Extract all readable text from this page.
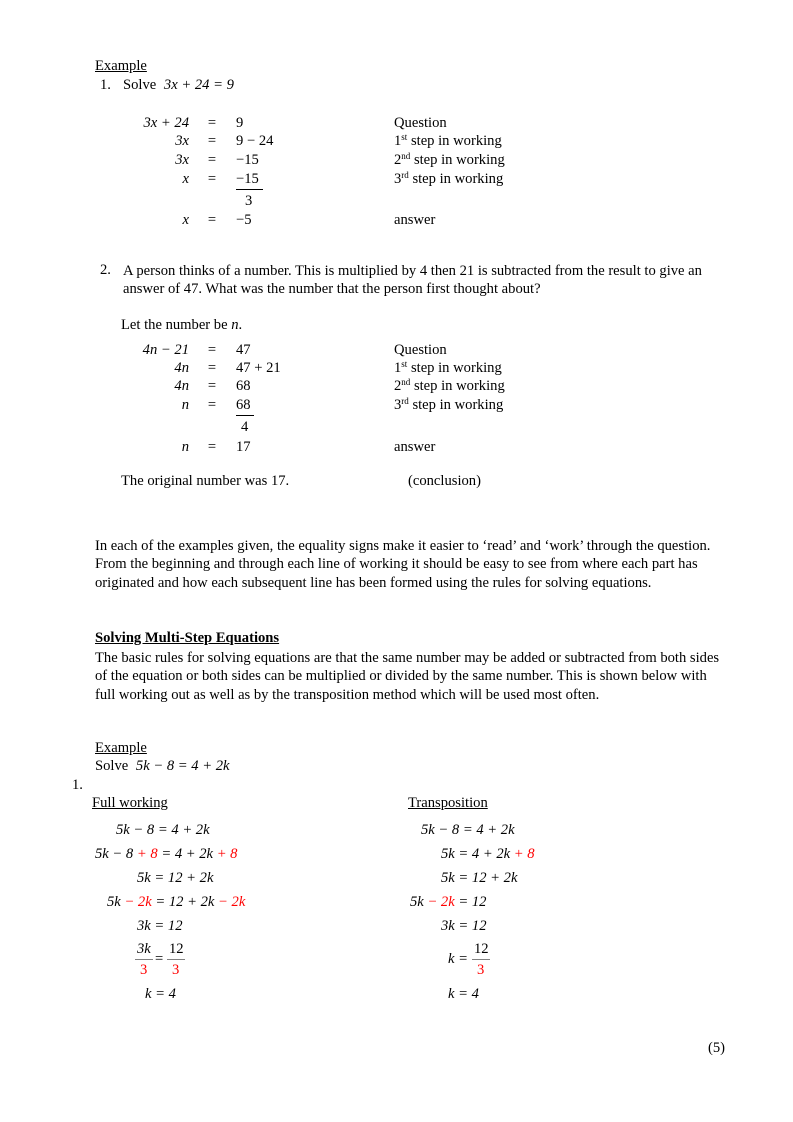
Example
1. Solve 3x + 24 = 9
3x + 24	=	9	Question
3x	=	9 − 24	1st step in working
3x	=	−15	2nd step in working
x	=	−15	3rd step in working
3
x	=	−5	answer
2. A person thinks of a number. This is multiplied by 4 then 21 is subtracted from the result to give an answer of 47. What was the number that the person first thought about?
Let the number be n.
4n − 21	=	47	Question
4n	=	47 + 21	1st step in working
4n	=	68	2nd step in working
n	=	68	3rd step in working
4
n	=	17	answer
The original number was 17.	(conclusion)
In each of the examples given, the equality signs make it easier to ‘read’ and ‘work’ through the question. From the beginning and through each line of working it should be easy to see from where each part has originated and how each subsequent line has been formed using the rules for solving equations.
Solving Multi-Step Equations
The basic rules for solving equations are that the same number may be added or subtracted from both sides of the equation or both sides can be multiplied or divided by the same number. This is shown below with full working out as well as by the transposition method which will be used most often.
Example
Solve 5k − 8 = 4 + 2k
1.
Full working
5k − 8 = 4 + 2k
5k − 8 + 8 = 4 + 2k + 8
5k = 12 + 2k
5k − 2k = 12 + 2k − 2k
3k = 12
3k
3
=
12
3
k = 4
Transposition
5k − 8 = 4 + 2k
5k = 4 + 2k + 8
5k = 12 + 2k
5k − 2k = 12
3k = 12
k =
12
3
k = 4
(5)
